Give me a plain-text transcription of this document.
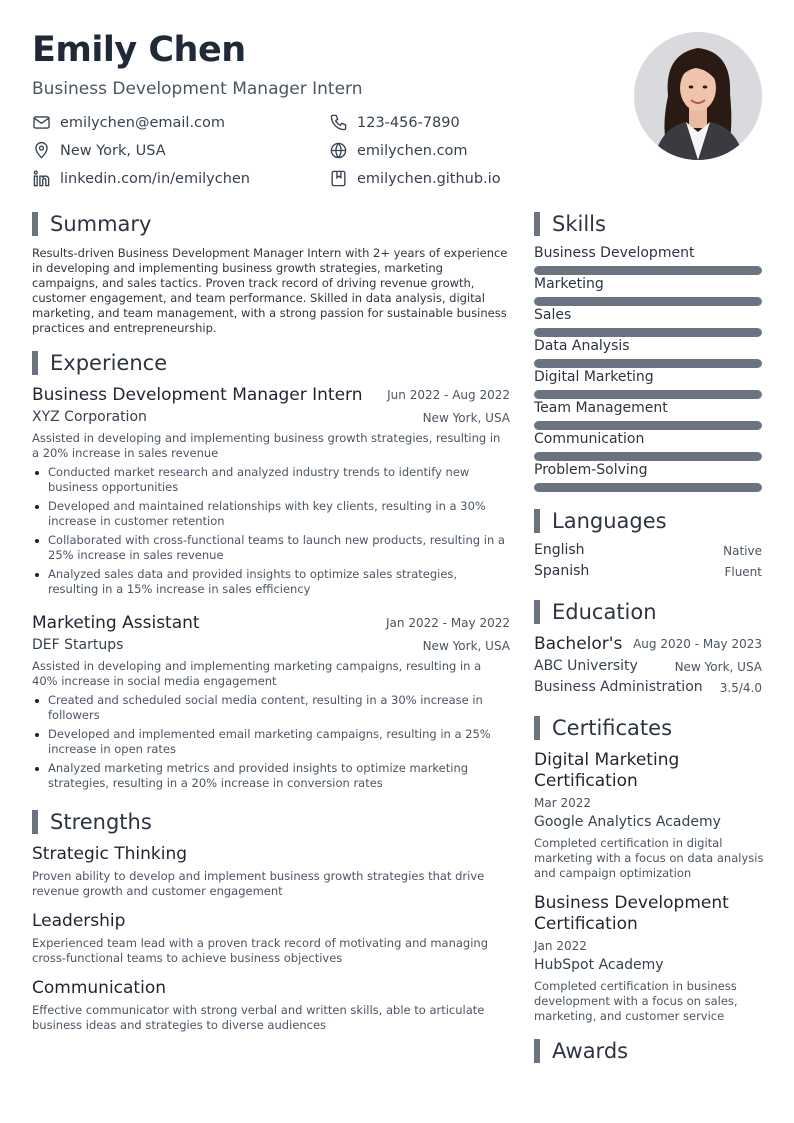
Emily Chen
Business Development Manager Intern
emilychen@email.com	123-456-7890
New York, USA	emilychen.com
linkedin.com/in/emilychen	emilychen.github.io
Summary
Results-driven Business Development Manager Intern with 2+ years of experience in developing and implementing business growth strategies, marketing campaigns, and sales tactics. Proven track record of driving revenue growth, customer engagement, and team performance. Skilled in data analysis, digital marketing, and team management, with a strong passion for sustainable business practices and entrepreneurship.
Experience
Business Development Manager Intern Jun 2022 - Aug 2022
XYZ Corporation	New York, USA
Assisted in developing and implementing business growth strategies, resulting in a 20% increase in sales revenue
Conducted market research and analyzed industry trends to identify new business opportunities
Developed and maintained relationships with key clients, resulting in a 30% increase in customer retention
Collaborated with cross-functional teams to launch new products, resulting in a 25% increase in sales revenue
Analyzed sales data and provided insights to optimize sales strategies, resulting in a 15% increase in sales efficiency
Marketing Assistant	Jan 2022 - May 2022
DEF Startups	New York, USA
Assisted in developing and implementing marketing campaigns, resulting in a 40% increase in social media engagement
Created and scheduled social media content, resulting in a 30% increase in followers
Developed and implemented email marketing campaigns, resulting in a 25% increase in open rates
Analyzed marketing metrics and provided insights to optimize marketing strategies, resulting in a 20% increase in conversion rates
Strengths
Strategic Thinking
Proven ability to develop and implement business growth strategies that drive revenue growth and customer engagement
Leadership
Experienced team lead with a proven track record of motivating and managing cross-functional teams to achieve business objectives
Communication
Effective communicator with strong verbal and written skills, able to articulate business ideas and strategies to diverse audiences
Skills
Business Development
Marketing
Sales
Data Analysis
Digital Marketing
Team Management
Communication
Problem-Solving
Languages
English	Native
Spanish	Fluent
Education
Bachelor's Aug 2020 - May 2023
ABC University	New York, USA
Business Administration 3.5/4.0
Certificates
Digital Marketing Certification
Mar 2022
Google Analytics Academy
Completed certification in digital marketing with a focus on data analysis and campaign optimization
Business Development Certification
Jan 2022
HubSpot Academy
Completed certification in business development with a focus on sales, marketing, and customer service
Awards
